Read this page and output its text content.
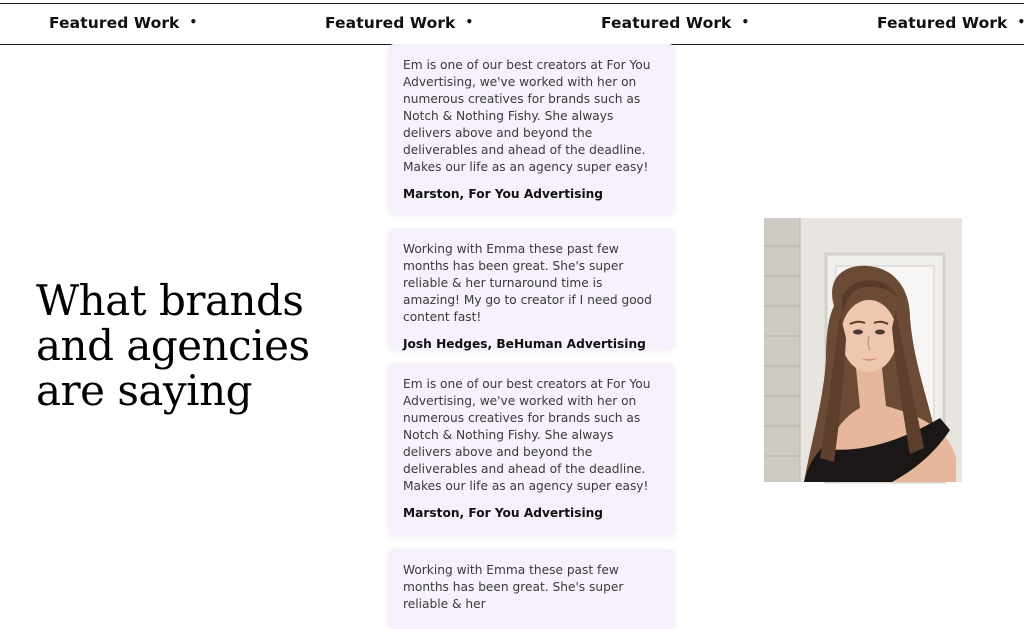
Featured Work •	Featured Work •	Featured Work •	Featured Work •
What brands
and agencies
are saying

Em is one of our best creators at For You Advertising, we've worked with her on numerous creatives for brands such as Notch & Nothing Fishy. She always delivers above and beyond the deliverables and ahead of the deadline. Makes our life as an agency super easy!

Marston, For You Advertising

Working with Emma these past few months has been great. She's super reliable & her turnaround time is amazing! My go to creator if I need good content fast!

Josh Hedges, BeHuman Advertising

Em is one of our best creators at For You Advertising, we've worked with her on numerous creatives for brands such as Notch & Nothing Fishy. She always delivers above and beyond the deliverables and ahead of the deadline. Makes our life as an agency super easy!

Marston, For You Advertising

Working with Emma these past few months has been great. She's super reliable & her
